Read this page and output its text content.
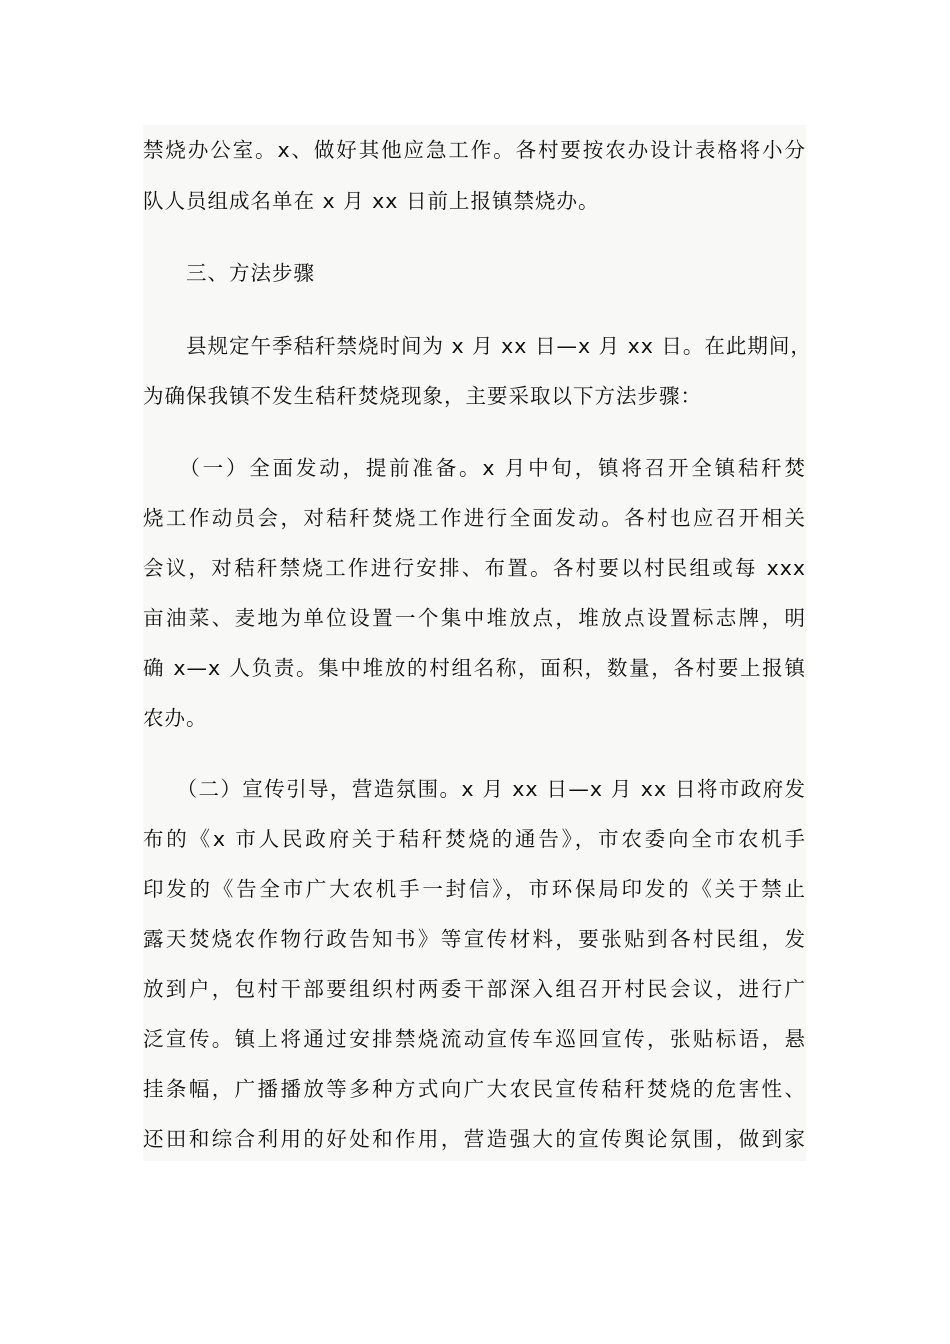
禁烧办公室。x、做好其他应急工作。各村要按农办设计表格将小分

队人员组成名单在 x 月 xx 日前上报镇禁烧办。

　　三、方法步骤

　　县规定午季秸秆禁烧时间为 x 月 xx 日—x 月 xx 日。在此期间，

为确保我镇不发生秸秆焚烧现象，主要采取以下方法步骤：

　　（一）全面发动，提前准备。x 月中旬，镇将召开全镇秸秆焚

烧工作动员会，对秸秆焚烧工作进行全面发动。各村也应召开相关

会议，对秸秆禁烧工作进行安排、布置。各村要以村民组或每 xxx

亩油菜、麦地为单位设置一个集中堆放点，堆放点设置标志牌，明

确 x—x 人负责。集中堆放的村组名称，面积，数量，各村要上报镇

农办。

　　（二）宣传引导，营造氛围。x 月 xx 日—x 月 xx 日将市政府发

布的《x 市人民政府关于秸秆焚烧的通告》，市农委向全市农机手

印发的《告全市广大农机手一封信》，市环保局印发的《关于禁止

露天焚烧农作物行政告知书》等宣传材料，要张贴到各村民组，发

放到户，包村干部要组织村两委干部深入组召开村民会议，进行广

泛宣传。镇上将通过安排禁烧流动宣传车巡回宣传，张贴标语，悬

挂条幅，广播播放等多种方式向广大农民宣传秸秆焚烧的危害性、

还田和综合利用的好处和作用，营造强大的宣传舆论氛围，做到家
